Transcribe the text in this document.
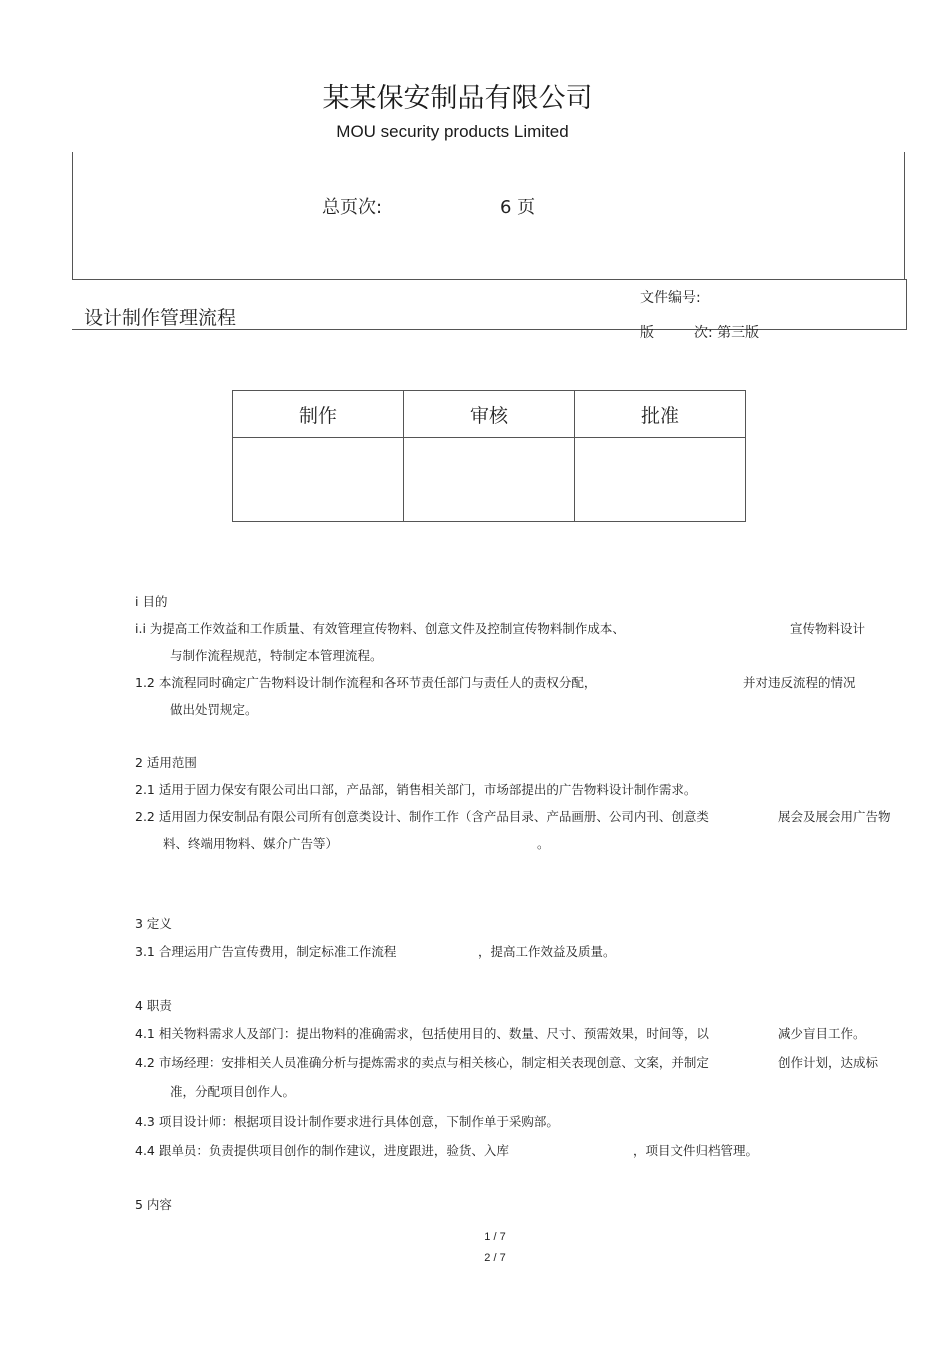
某某保安制品有限公司
MOU security products Limited
总页次:	6 页
设计制作管理流程
文件编号:
版	次: 第三版
制作	审核	批准

i 目的
i.i 为提高工作效益和工作质量、有效管理宣传物料、创意文件及控制宣传物料制作成本、	宣传物料设计
与制作流程规范，特制定本管理流程。
1.2 本流程同时确定广告物料设计制作流程和各环节责任部门与责任人的责权分配，	并对违反流程的情况
做出处罚规定。
2 适用范围
2.1 适用于固力保安有限公司出口部，产品部，销售相关部门，市场部提出的广告物料设计制作需求。
2.2 适用固力保安制品有限公司所有创意类设计、制作工作（含产品目录、产品画册、公司内刊、创意类	展会及展会用广告物
料、终端用物料、媒介广告等）	。
3 定义
3.1 合理运用广告宣传费用，制定标准工作流程	，提高工作效益及质量。
4 职责
4.1 相关物料需求人及部门：提出物料的准确需求，包括使用目的、数量、尺寸、预需效果，时间等，以	减少盲目工作。
4.2 市场经理：安排相关人员准确分析与提炼需求的卖点与相关核心，制定相关表现创意、文案，并制定	创作计划，达成标
准，分配项目创作人。
4.3 项目设计师：根据项目设计制作要求进行具体创意，下制作单于采购部。
4.4 跟单员：负责提供项目创作的制作建议，进度跟进，验货、入库	，项目文件归档管理。
5 内容
1 / 7
2 / 7
